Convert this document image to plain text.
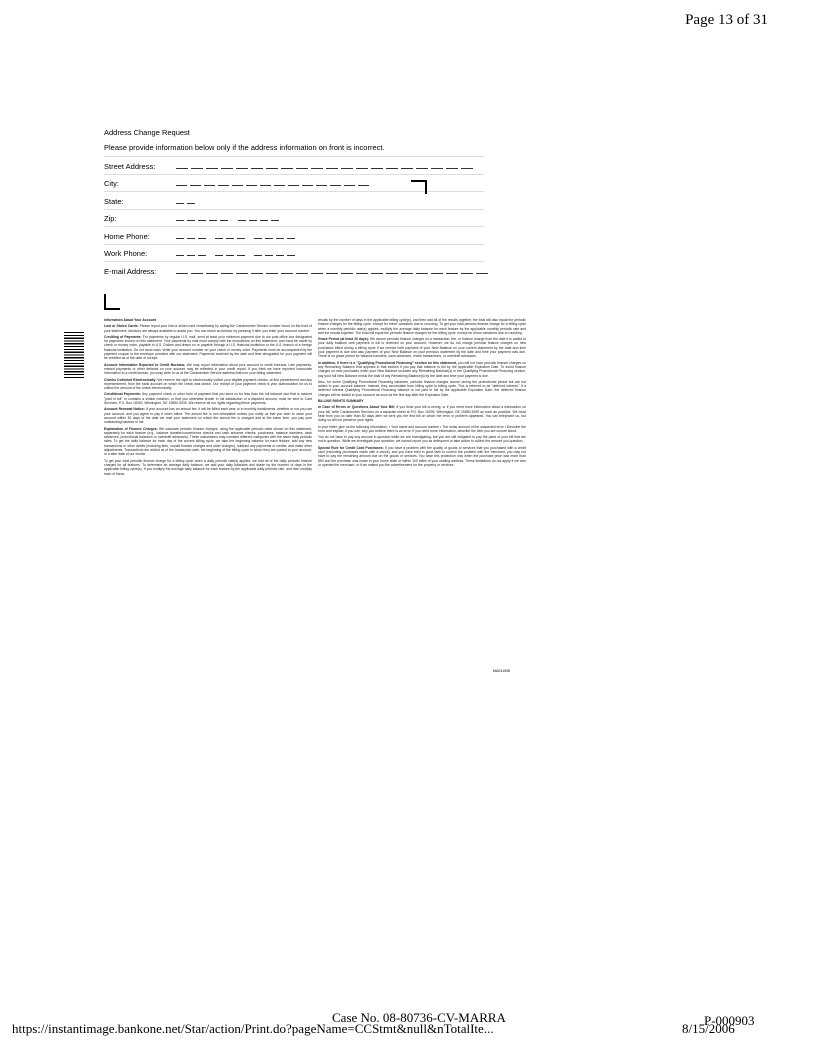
Page 13 of 31
Address Change Request
Please provide information below only if the address information on front is incorrect.
Street Address:
City:
State:
Zip:
Home Phone:
Work Phone:
E-mail Address:

Information About Your Account

Lost or Stolen Cards: Please report your lost or stolen card immediately by calling the Cardmember Service number found on the front of your statement. Advisors are always available to assist you. You can reach an Advisor by pressing 0 after you enter your account number.

Crediting of Payments: For payments by regular U.S. mail, send at least your minimum payment due to our post office box designated for payments shown on this statement. Your payments by mail must comply with the instructions on this statement, and must be made by check or money order, payable in U.S. Dollars and drawn on or payable through a U.S. financial institution or the U.S. branch of a foreign financial institution. Do not send cash. Write your account number on your check or money order. Payments must be accompanied by the payment coupon in the envelope provided with our statement. Payments received by the date and time designated for your payment will be credited as of the date of receipt.

Account Information Reported to Credit Bureaus: We may report information about your account to credit bureaus. Late payments, missed payments or other defaults on your account may be reflected in your credit report. If you think we have reported inaccurate information to a credit bureau, you may write to us at the Cardmember Service address listed on your billing statement.

Checks Collected Electronically: We reserve the right to electronically collect your eligible payment checks, at first presentment and any representment, from the bank account on which the check was drawn. Our receipt of your payment check is your authorization for us to collect the amount of the check electronically.

Conditional Payments: Any payment check or other form of payment that you send us for less than the full balance due that is marked "paid in full" or contains a similar notation, or that you otherwise tender in full satisfaction of a disputed amount, must be sent to Card Services, P.O. Box 15049, Wilmington, DE 19850-5049. We reserve all our rights regarding these payments.

Account Renewal Notice: If your account has an annual fee, it will be billed each year or in monthly installments, whether or not you use your account, and you agree to pay it when billed. The annual fee is non-refundable unless you notify us that you wish to close your account within 30 days of the date we mail your statement on which the annual fee is charged and at the same time, you pay your outstanding balance in full.

Explanation of Finance Charges: We calculate periodic finance charges, using the applicable periodic rates shown on this statement, separately for each feature (e.g., balance transfer/convenience checks and cash advance checks, purchases, balance transfers, cash advances, promotional balances or overdraft advances). These calculations may combine different categories with the same daily periodic rates. To get the daily balance for each day of the current billing cycle, we take the beginning balance for each feature, add any new transactions or other debits (including fees, unpaid finance charges and other charges), subtract any payments or credits, and make other adjustments. Transactions are added as of the transaction date, the beginning of the billing cycle in which they are posted to your account, or a later date of our choice.

To get your total periodic finance charge for a billing cycle when a daily periodic rate(s) applies, we add all of the daily periodic finance charges for all features. To determine an average daily balance, we add your daily balances and divide by the number of days in the applicable billing cycle(s). If you multiply the average daily balance for each feature by the applicable daily periodic rate, and then multiply each of these

results by the number of days in the applicable billing cycle(s), and then add all of the results together, the total will also equal the periodic finance charges for the billing cycle, except for minor variations due to rounding. To get your total periodic finance charge for a billing cycle when a monthly periodic rate(s) applies, multiply the average daily balance for each feature by the applicable monthly periodic rate and add the results together. The total will equal the periodic finance charges for the billing cycle, except for minor variations due to rounding.

Grace Period (at least 20 days): We accrue periodic finance charges on a transaction, fee, or finance charge from the date it is added to your daily balance until payment in full is received on your account. However, we do not charge periodic finance charges on new purchases billed during a billing cycle if we receive both payment of your New Balance on your current statement by the date and time your payment is due and also payment of your New Balance on your previous statement by the date and time your payment was due. There is no grace period for balance transfers, cash advances, check transactions, or overdraft advances.

In addition, if there is a "Qualifying Promotional Financing" section on this statement, you will not incur periodic finance charges on any Remaining Balance that appears in that section if you pay that balance in full by the applicable Expiration Date. To avoid finance charges on new purchases when your New Balance includes any Remaining Balance(s) in the Qualifying Promotional Financing section, pay your full New Balance minus the total of any Remaining Balance(s) by the date and time your payment is due.

Also, for some Qualifying Promotional Financing balances, periodic finance charges accrue during the promotional period but are not added to your account balance. Instead, they accumulate from billing cycle to billing cycle. This is referred to as "deferred interest." If a deferred interest Qualifying Promotional Financing balance is not paid in full by the applicable Expiration Date, the deferred finance charges will be added to your account as soon as the first day after the Expiration Date.

BILLING RIGHTS SUMMARY

In Case of Errors or Questions About Your Bill: If you think your bill is wrong, or if you need more information about a transaction on your bill, write Cardmember Services on a separate sheet at P.O. Box 15299, Wilmington, DE 19850-5299 as soon as possible. We must hear from you no later than 60 days after we sent you the first bill on which the error or problem appeared. You can telephone us, but doing so will not preserve your rights.

In your letter, give us the following information: • Your name and account number • The dollar amount of the suspected error • Describe the error and explain, if you can, why you believe there is an error. If you need more information, describe the item you are unsure about.

You do not have to pay any amount in question while we are investigating, but you are still obligated to pay the parts of your bill that are not in question. While we investigate your question, we cannot report you as delinquent or take action to collect the amount you question.

Special Rule for Credit Card Purchases: If you have a problem with the quality of goods or services that you purchased with a credit card (excluding purchases made with a check), and you have tried in good faith to correct the problem with the merchant, you may not have to pay the remaining amount due on the goods or services. You have this protection only when the purchase price was more than $50 and the purchase was made in your home state or within 100 miles of your mailing address. These limitations do not apply if we own or operate the merchant, or if we mailed you the advertisement for the property or services.

MA011006
Case No. 08-80736-CV-MARRA
https://instantimage.bankone.net/Star/action/Print.do?pageName=CCStmt&null&nTotalIte...	8/15/2006
P-000903
